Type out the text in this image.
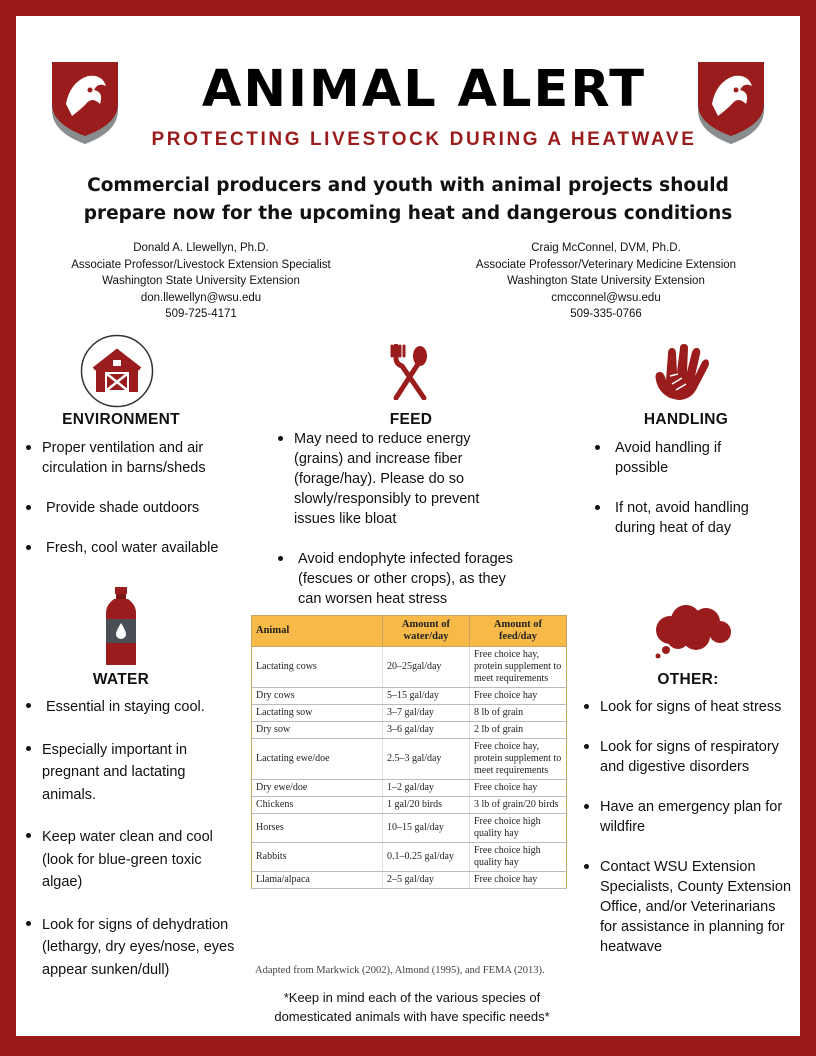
ANIMAL ALERT
PROTECTING LIVESTOCK DURING A HEATWAVE
Commercial producers and youth with animal projects should
prepare now for the upcoming heat and dangerous conditions
Donald A. Llewellyn, Ph.D.
Associate Professor/Livestock Extension Specialist
Washington State University Extension
don.llewellyn@wsu.edu
509-725-4171
Craig McConnel, DVM, Ph.D.
Associate Professor/Veterinary Medicine Extension
Washington State University Extension
cmcconnel@wsu.edu
509-335-0766
ENVIRONMENT	FEED	HANDLING
Proper ventilation and air circulation in barns/sheds
Provide shade outdoors
Fresh, cool water available
May need to reduce energy (grains) and increase fiber (forage/hay). Please do so slowly/responsibly to prevent issues like bloat
Avoid endophyte infected forages (fescues or other crops), as they can worsen heat stress
Avoid handling if possible
If not, avoid handling during heat of day
WATER	OTHER:
Essential in staying cool.
Especially important in pregnant and lactating animals.
Keep water clean and cool (look for blue-green toxic algae)
Look for signs of dehydration (lethargy, dry eyes/nose, eyes appear sunken/dull)
Look for signs of heat stress
Look for signs of respiratory and digestive disorders
Have an emergency plan for wildfire
Contact WSU Extension Specialists, County Extension Office, and/or Veterinarians for assistance in planning for heatwave
Animal	Amount of water/day	Amount of feed/day
Lactating cows	20–25gal/day	Free choice hay, protein supplement to meet requirements
Dry cows	5–15 gal/day	Free choice hay
Lactating sow	3–7 gal/day	8 lb of grain
Dry sow	3–6 gal/day	2 lb of grain
Lactating ewe/doe	2.5–3 gal/day	Free choice hay, protein supplement to meet requirements
Dry ewe/doe	1–2 gal/day	Free choice hay
Chickens	1 gal/20 birds	3 lb of grain/20 birds
Horses	10–15 gal/day	Free choice high quality hay
Rabbits	0.1–0.25 gal/day	Free choice high quality hay
Llama/alpaca	2–5 gal/day	Free choice hay
Adapted from Markwick (2002), Almond (1995), and FEMA (2013).
*Keep in mind each of the various species of
domesticated animals with have specific needs*
